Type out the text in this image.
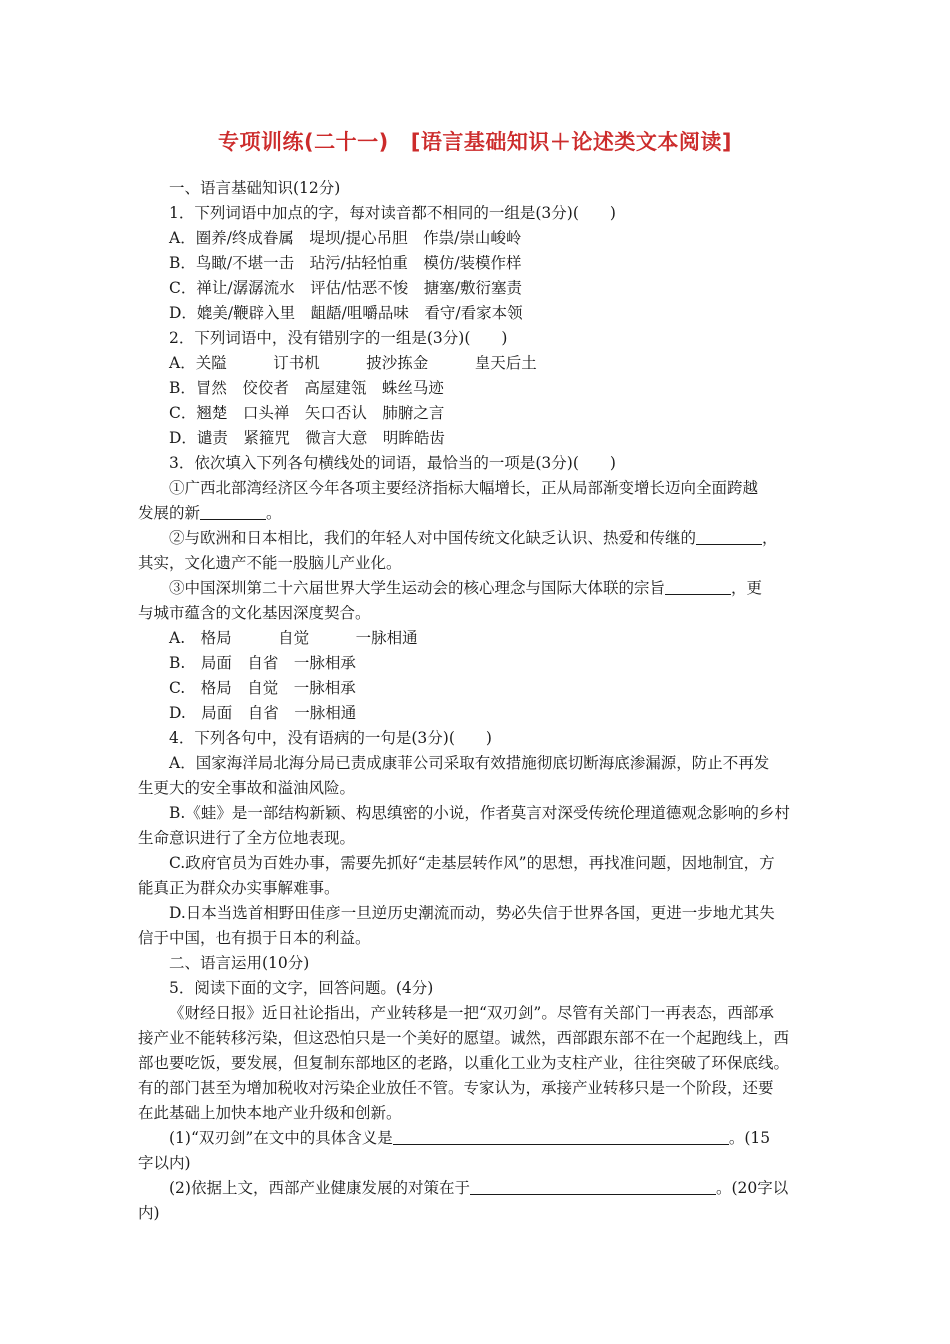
专项训练(二十一) [语言基础知识＋论述类文本阅读]

一、语言基础知识(12分)

1．下列词语中加点的字，每对读音都不相同的一组是(3分)(　　)

A．圈养/终成眷属　堤坝/提心吊胆　作祟/崇山峻岭

B．鸟瞰/不堪一击　玷污/拈轻怕重　模仿/装模作样

C．禅让/潺潺流水　评估/怙恶不悛　搪塞/敷衍塞责

D．媲美/鞭辟入里　龃龉/咀嚼品味　看守/看家本领

2．下列词语中，没有错别字的一组是(3分)(　　)

A．关隘　　　订书机　　　披沙拣金　　　皇天后土

B．冒然　佼佼者　高屋建瓴　蛛丝马迹

C．翘楚　口头禅　矢口否认　肺腑之言

D．谴责　紧箍咒　微言大意　明眸皓齿

3．依次填入下列各句横线处的词语，最恰当的一项是(3分)(　　)

①广西北部湾经济区今年各项主要经济指标大幅增长，正从局部渐变增长迈向全面跨越

发展的新	。

②与欧洲和日本相比，我们的年轻人对中国传统文化缺乏认识、热爱和传继的	，

其实，文化遗产不能一股脑儿产业化。

③中国深圳第二十六届世界大学生运动会的核心理念与国际大体联的宗旨	，更

与城市蕴含的文化基因深度契合。

A.　格局　　　自觉　　　一脉相通

B.　局面　自省　一脉相承

C.　格局　自觉　一脉相承

D.　局面　自省　一脉相通

4．下列各句中，没有语病的一句是(3分)(　　)

A．国家海洋局北海分局已责成康菲公司采取有效措施彻底切断海底渗漏源，防止不再发

生更大的安全事故和溢油风险。

B.《蛙》是一部结构新颖、构思缜密的小说，作者莫言对深受传统伦理道德观念影响的乡村

生命意识进行了全方位地表现。

C.政府官员为百姓办事，需要先抓好“走基层转作风”的思想，再找准问题，因地制宜，方

能真正为群众办实事解难事。

D.日本当选首相野田佳彦一旦逆历史潮流而动，势必失信于世界各国，更进一步地尤其失

信于中国，也有损于日本的利益。

二、语言运用(10分)

5．阅读下面的文字，回答问题。(4分)

《财经日报》近日社论指出，产业转移是一把“双刃剑”。尽管有关部门一再表态，西部承

接产业不能转移污染，但这恐怕只是一个美好的愿望。诚然，西部跟东部不在一个起跑线上，西

部也要吃饭，要发展，但复制东部地区的老路，以重化工业为支柱产业，往往突破了环保底线。

有的部门甚至为增加税收对污染企业放任不管。专家认为，承接产业转移只是一个阶段，还要

在此基础上加快本地产业升级和创新。

(1)“双刃剑”在文中的具体含义是	。(15

字以内)

(2)依据上文，西部产业健康发展的对策在于	。(20字以

内)
